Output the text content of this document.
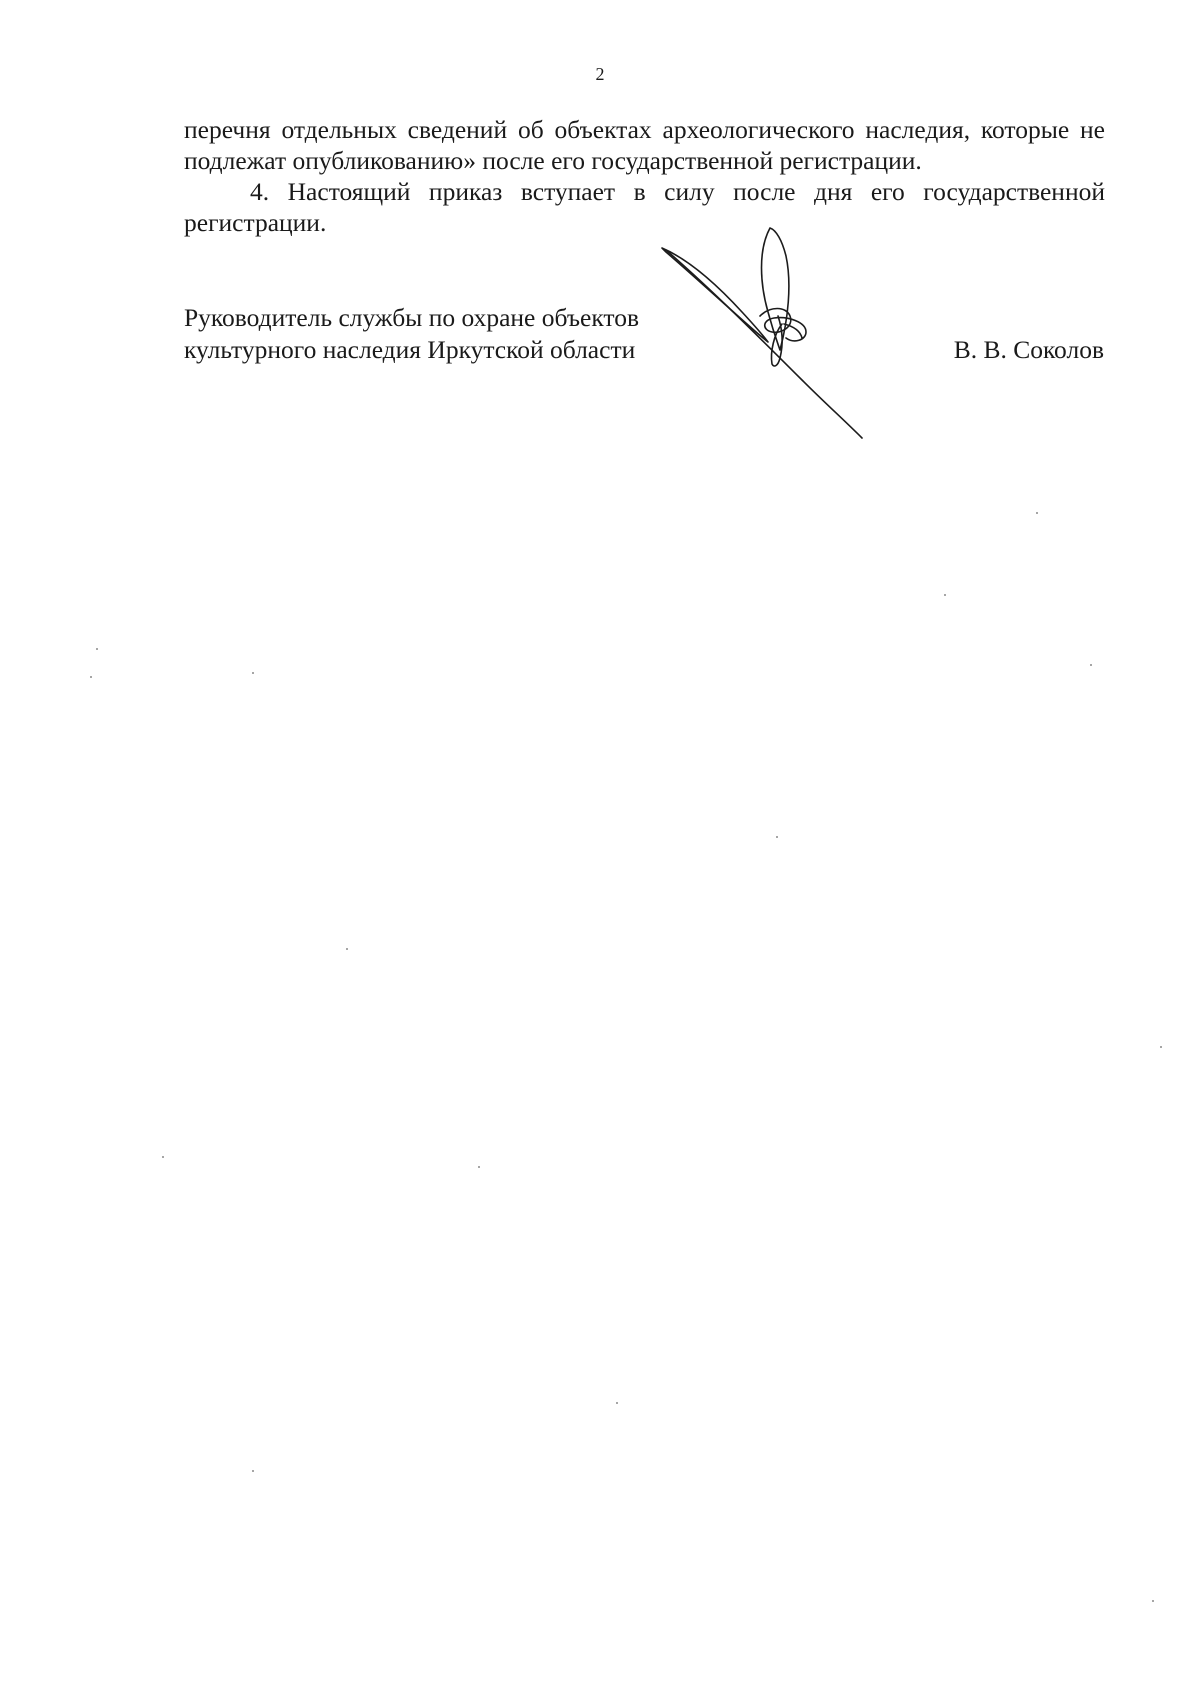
2

перечня отдельных сведений об объектах археологического наследия, которые не подлежат опубликованию» после его государственной регистрации.

4. Настоящий приказ вступает в силу после дня его государственной регистрации.

Руководитель службы по охране объектов
культурного наследия Иркутской области	В. В. Соколов
